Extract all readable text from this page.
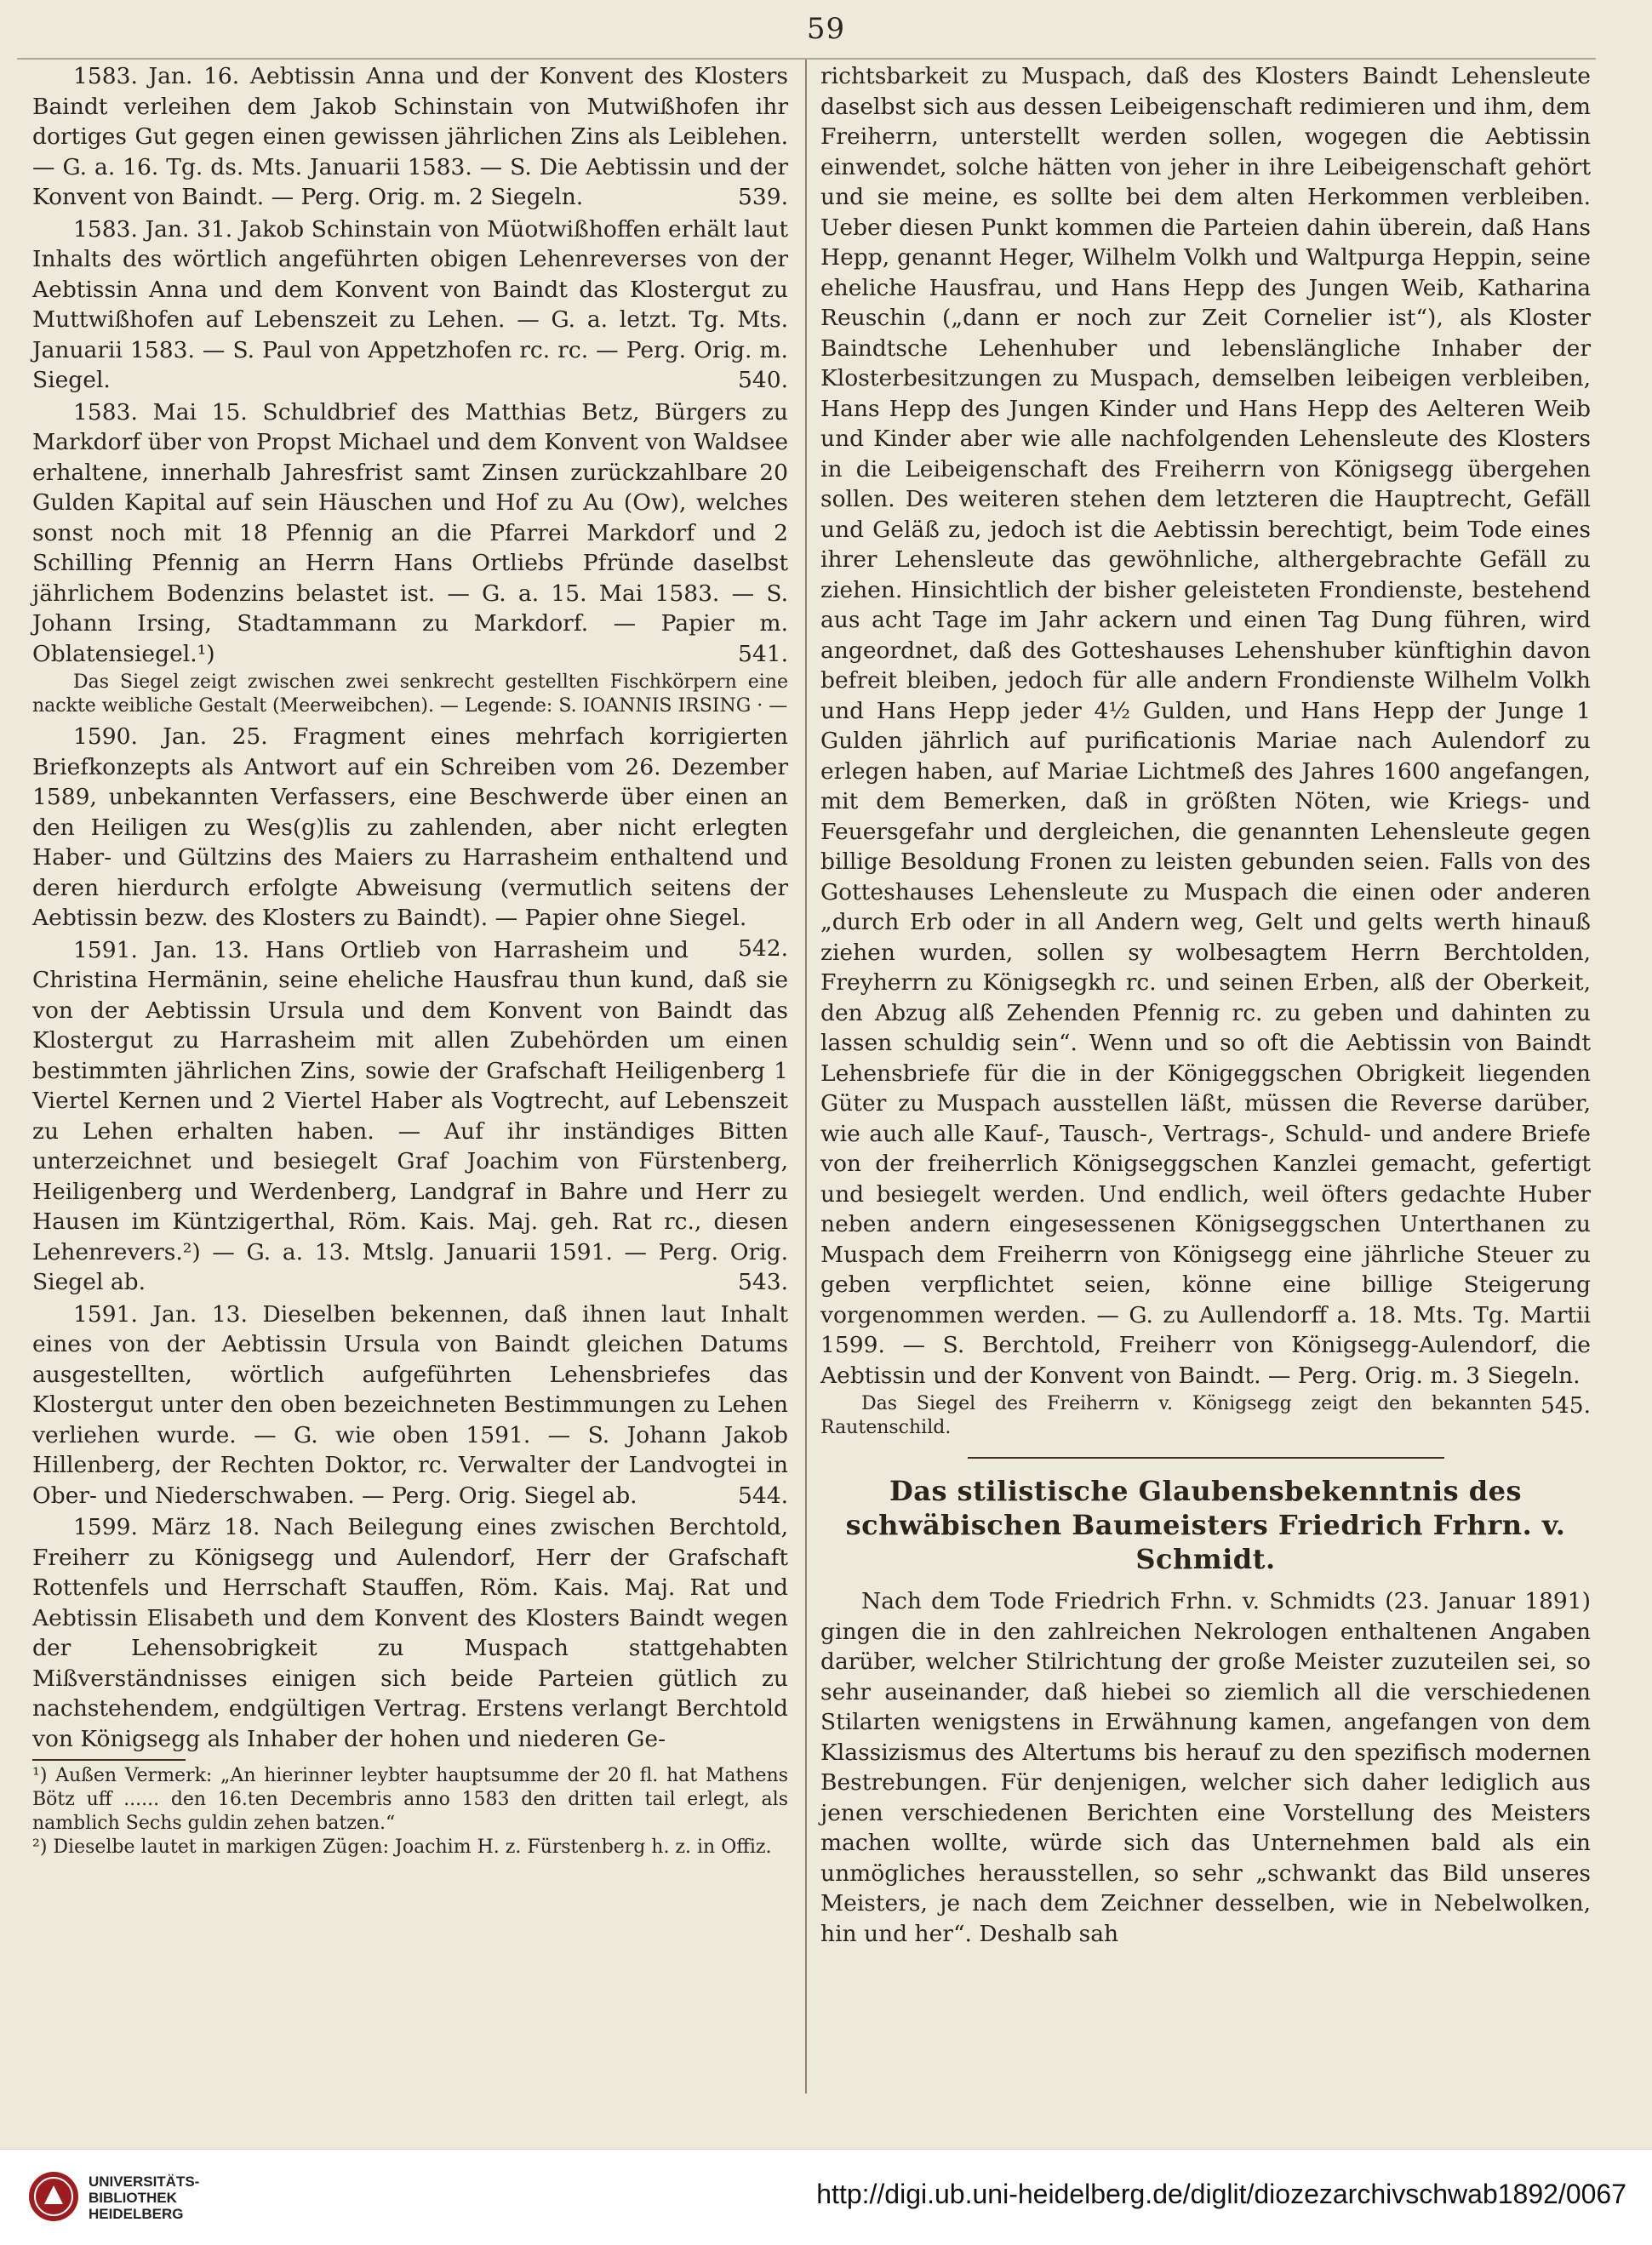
59

1583. Jan. 16. Aebtissin Anna und der Konvent des Klosters Baindt verleihen dem Jakob Schinstain von Mutwißhofen ihr dortiges Gut gegen einen gewissen jährlichen Zins als Leiblehen. — G. a. 16. Tg. ds. Mts. Januarii 1583. — S. Die Aebtissin und der Konvent von Baindt. — Perg. Orig. m. 2 Siegeln.	539.

1583. Jan. 31. Jakob Schinstain von Müotwißhoffen erhält laut Inhalts des wörtlich angeführten obigen Lehenreverses von der Aebtissin Anna und dem Konvent von Baindt das Klostergut zu Muttwißhofen auf Lebenszeit zu Lehen. — G. a. letzt. Tg. Mts. Januarii 1583. — S. Paul von Appetzhofen rc. rc. — Perg. Orig. m. Siegel.	540.

1583. Mai 15. Schuldbrief des Matthias Betz, Bürgers zu Markdorf über von Propst Michael und dem Konvent von Waldsee erhaltene, innerhalb Jahresfrist samt Zinsen zurückzahlbare 20 Gulden Kapital auf sein Häuschen und Hof zu Au (Ow), welches sonst noch mit 18 Pfennig an die Pfarrei Markdorf und 2 Schilling Pfennig an Herrn Hans Ortliebs Pfründe daselbst jährlichem Bodenzins belastet ist. — G. a. 15. Mai 1583. — S. Johann Irsing, Stadtammann zu Markdorf. — Papier m. Oblatensiegel.¹)	541.

Das Siegel zeigt zwischen zwei senkrecht gestellten Fischkörpern eine nackte weibliche Gestalt (Meerweibchen). — Legende: S. IOANNIS IRSING · —

1590. Jan. 25. Fragment eines mehrfach korrigierten Briefkonzepts als Antwort auf ein Schreiben vom 26. Dezember 1589, unbekannten Verfassers, eine Beschwerde über einen an den Heiligen zu Wes(g)lis zu zahlenden, aber nicht erlegten Haber- und Gültzins des Maiers zu Harrasheim enthaltend und deren hierdurch erfolgte Abweisung (vermutlich seitens der Aebtissin bezw. des Klosters zu Baindt). — Papier ohne Siegel.
542.

1591. Jan. 13. Hans Ortlieb von Harrasheim und Christina Hermänin, seine eheliche Hausfrau thun kund, daß sie von der Aebtissin Ursula und dem Konvent von Baindt das Klostergut zu Harrasheim mit allen Zubehörden um einen bestimmten jährlichen Zins, sowie der Grafschaft Heiligenberg 1 Viertel Kernen und 2 Viertel Haber als Vogtrecht, auf Lebenszeit zu Lehen erhalten haben. — Auf ihr inständiges Bitten unterzeichnet und besiegelt Graf Joachim von Fürstenberg, Heiligenberg und Werdenberg, Landgraf in Bahre und Herr zu Hausen im Küntzigerthal, Röm. Kais. Maj. geh. Rat rc., diesen Lehenrevers.²) — G. a. 13. Mtslg. Januarii 1591. — Perg. Orig. Siegel ab.	543.

1591. Jan. 13. Dieselben bekennen, daß ihnen laut Inhalt eines von der Aebtissin Ursula von Baindt gleichen Datums ausgestellten, wörtlich aufgeführten Lehensbriefes das Klostergut unter den oben bezeichneten Bestimmungen zu Lehen verliehen wurde. — G. wie oben 1591. — S. Johann Jakob Hillenberg, der Rechten Doktor, rc. Verwalter der Landvogtei in Ober- und Niederschwaben. — Perg. Orig. Siegel ab.	544.

1599. März 18. Nach Beilegung eines zwischen Berchtold, Freiherr zu Königsegg und Aulendorf, Herr der Grafschaft Rottenfels und Herrschaft Stauffen, Röm. Kais. Maj. Rat und Aebtissin Elisabeth und dem Konvent des Klosters Baindt wegen der Lehensobrigkeit zu Muspach stattgehabten Mißverständnisses einigen sich beide Parteien gütlich zu nachstehendem, endgültigen Vertrag. Erstens verlangt Berchtold von Königsegg als Inhaber der hohen und niederen Ge-

¹) Außen Vermerk: „An hierinner leybter hauptsumme der 20 fl. hat Mathens Bötz uff ...... den 16.ten Decembris anno 1583 den dritten tail erlegt, als namblich Sechs guldin zehen batzen.“

²) Dieselbe lautet in markigen Zügen: Joachim H. z. Fürstenberg h. z. in Offiz.

richtsbarkeit zu Muspach, daß des Klosters Baindt Lehensleute daselbst sich aus dessen Leibeigenschaft redimieren und ihm, dem Freiherrn, unterstellt werden sollen, wogegen die Aebtissin einwendet, solche hätten von jeher in ihre Leibeigenschaft gehört und sie meine, es sollte bei dem alten Herkommen verbleiben. Ueber diesen Punkt kommen die Parteien dahin überein, daß Hans Hepp, genannt Heger, Wilhelm Volkh und Waltpurga Heppin, seine eheliche Hausfrau, und Hans Hepp des Jungen Weib, Katharina Reuschin („dann er noch zur Zeit Cornelier ist“), als Kloster Baindtsche Lehenhuber und lebenslängliche Inhaber der Klosterbesitzungen zu Muspach, demselben leibeigen verbleiben, Hans Hepp des Jungen Kinder und Hans Hepp des Aelteren Weib und Kinder aber wie alle nachfolgenden Lehensleute des Klosters in die Leibeigenschaft des Freiherrn von Königsegg übergehen sollen. Des weiteren stehen dem letzteren die Hauptrecht, Gefäll und Geläß zu, jedoch ist die Aebtissin berechtigt, beim Tode eines ihrer Lehensleute das gewöhnliche, althergebrachte Gefäll zu ziehen. Hinsichtlich der bisher geleisteten Frondienste, bestehend aus acht Tage im Jahr ackern und einen Tag Dung führen, wird angeordnet, daß des Gotteshauses Lehenshuber künftighin davon befreit bleiben, jedoch für alle andern Frondienste Wilhelm Volkh und Hans Hepp jeder 4½ Gulden, und Hans Hepp der Junge 1 Gulden jährlich auf purificationis Mariae nach Aulendorf zu erlegen haben, auf Mariae Lichtmeß des Jahres 1600 angefangen, mit dem Bemerken, daß in größten Nöten, wie Kriegs- und Feuersgefahr und dergleichen, die genannten Lehensleute gegen billige Besoldung Fronen zu leisten gebunden seien. Falls von des Gotteshauses Lehensleute zu Muspach die einen oder anderen „durch Erb oder in all Andern weg, Gelt und gelts werth hinauß ziehen wurden, sollen sy wolbesagtem Herrn Berchtolden, Freyherrn zu Königsegkh rc. und seinen Erben, alß der Oberkeit, den Abzug alß Zehenden Pfennig rc. zu geben und dahinten zu lassen schuldig sein“. Wenn und so oft die Aebtissin von Baindt Lehensbriefe für die in der Königeggschen Obrigkeit liegenden Güter zu Muspach ausstellen läßt, müssen die Reverse darüber, wie auch alle Kauf-, Tausch-, Vertrags-, Schuld- und andere Briefe von der freiherrlich Königseggschen Kanzlei gemacht, gefertigt und besiegelt werden. Und endlich, weil öfters gedachte Huber neben andern eingesessenen Königseggschen Unterthanen zu Muspach dem Freiherrn von Königsegg eine jährliche Steuer zu geben verpflichtet seien, könne eine billige Steigerung vorgenommen werden. — G. zu Aullendorff a. 18. Mts. Tg. Martii 1599. — S. Berchtold, Freiherr von Königsegg-Aulendorf, die Aebtissin und der Konvent von Baindt. — Perg. Orig. m. 3 Siegeln.
545.

Das Siegel des Freiherrn v. Königsegg zeigt den bekannten Rautenschild.

Das stilistische Glaubensbekenntnis des schwäbischen Baumeisters Friedrich Frhrn. v. Schmidt.

Nach dem Tode Friedrich Frhn. v. Schmidts (23. Januar 1891) gingen die in den zahlreichen Nekrologen enthaltenen Angaben darüber, welcher Stilrichtung der große Meister zuzuteilen sei, so sehr auseinander, daß hiebei so ziemlich all die verschiedenen Stilarten wenigstens in Erwähnung kamen, angefangen von dem Klassizismus des Altertums bis herauf zu den spezifisch modernen Bestrebungen. Für denjenigen, welcher sich daher lediglich aus jenen verschiedenen Berichten eine Vorstellung des Meisters machen wollte, würde sich das Unternehmen bald als ein unmögliches herausstellen, so sehr „schwankt das Bild unseres Meisters, je nach dem Zeichner desselben, wie in Nebelwolken, hin und her“. Deshalb sah

UNIVERSITÄTS-
BIBLIOTHEK
HEIDELBERG
http://digi.ub.uni-heidelberg.de/diglit/diozezarchivschwab1892/0067
